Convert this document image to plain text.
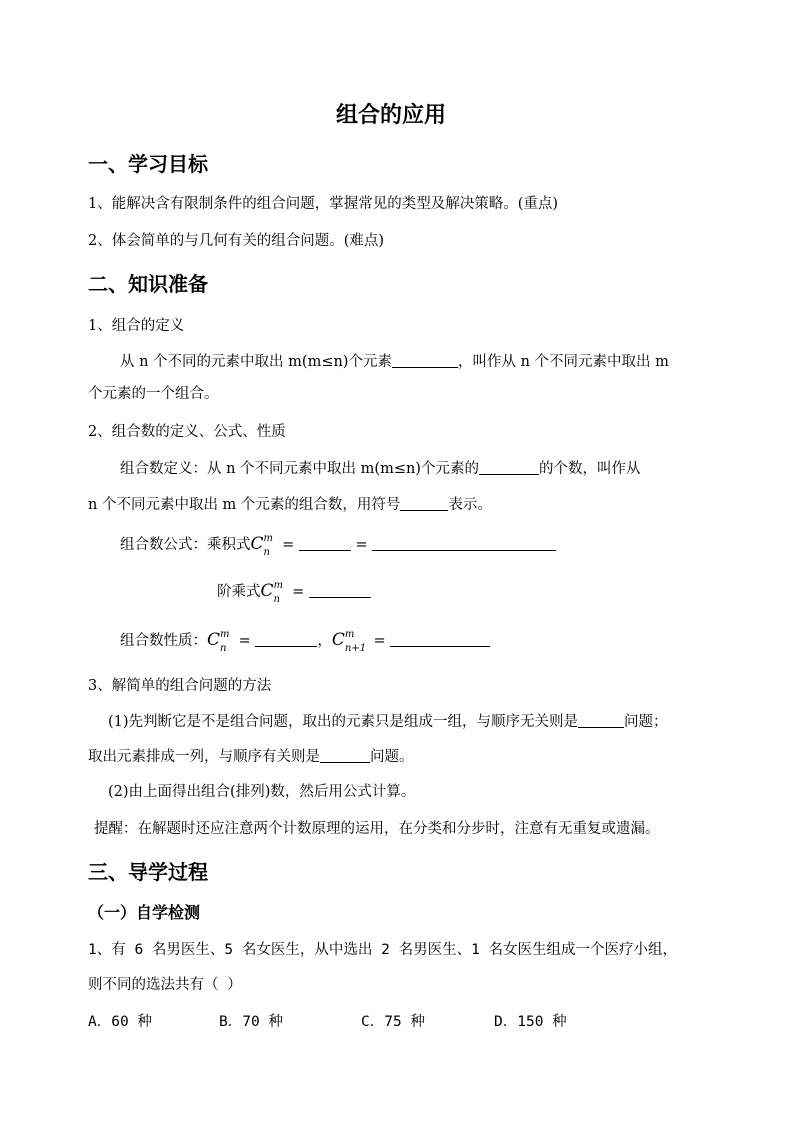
组合的应用
一、学习目标
1、能解决含有限制条件的组合问题，掌握常见的类型及解决策略。(重点)
2、体会简单的与几何有关的组合问题。(难点)
二、知识准备
1、组合的定义
从 n 个不同的元素中取出 m(m≤n)个元素	，叫作从 n 个不同元素中取出 m
个元素的一个组合。
2、组合数的定义、公式、性质
组合数定义：从 n 个不同元素中取出 m(m≤n)个元素的	的个数，叫作从
n 个不同元素中取出 m 个元素的组合数，用符号	表示。
组合数公式：乘积式C m
n =	=
阶乘式C m
n =
组合数性质：C m
n =	，C m
n+1 =
3、解简单的组合问题的方法
(1)先判断它是不是组合问题，取出的元素只是组成一组，与顺序无关则是	问题；
取出元素排成一列，与顺序有关则是	问题。
(2)由上面得出组合(排列)数，然后用公式计算。
提醒：在解题时还应注意两个计数原理的运用，在分类和分步时，注意有无重复或遗漏。
三、导学过程
（一）自学检测
1、有 6 名男医生、5 名女医生，从中选出 2 名男医生、1 名女医生组成一个医疗小组，
则不同的选法共有（ ）
A．60 种	B．70 种	C．75 种	D．150 种
